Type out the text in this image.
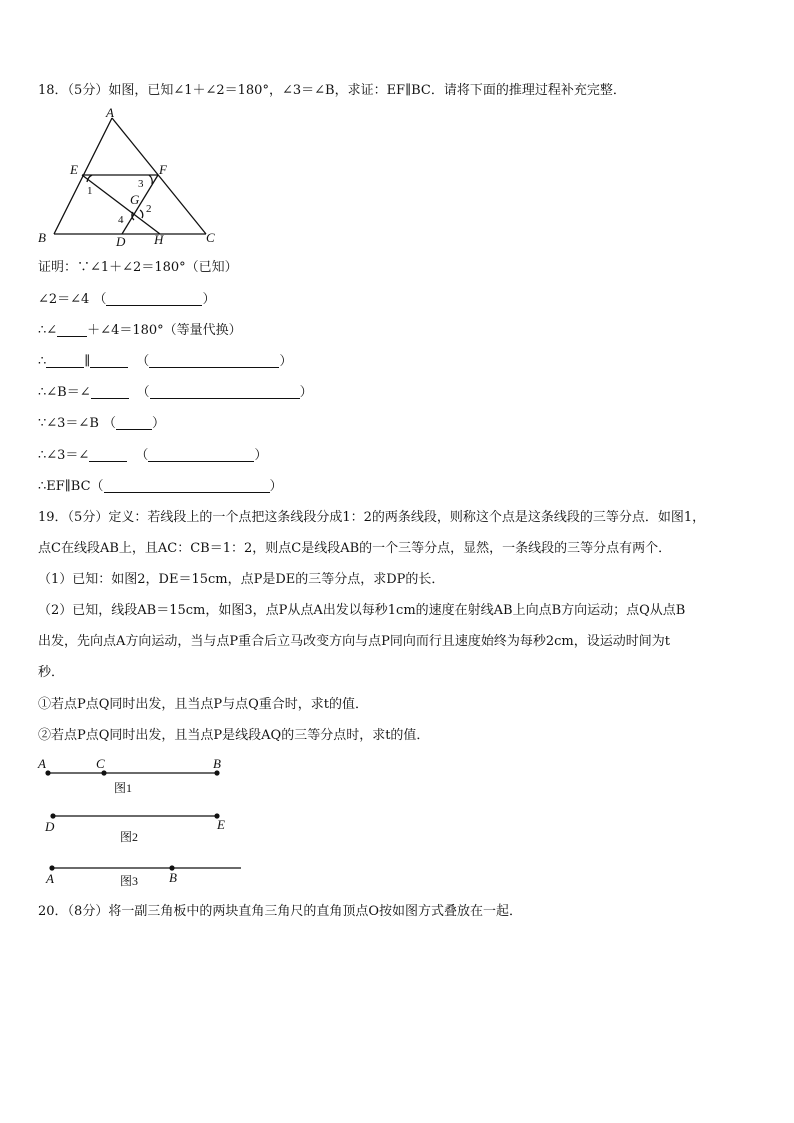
18．（5分）如图，已知∠1＋∠2＝180°，∠3＝∠B，求证：EF∥BC．请将下面的推理过程补充完整．
A
B	C
D
E	F
G
H
1
3
2
4
证明：∵∠1＋∠2＝180°（已知）
∠2＝∠4 （	）
∴∠ ＋∠4＝180°（等量代换）
∴	∥	（	）
∴∠B＝∠	（	）
∵∠3＝∠B （	）
∴∠3＝∠	（	）
∴EF∥BC（	）
19．（5分）定义：若线段上的一个点把这条线段分成1：2的两条线段，则称这个点是这条线段的三等分点．如图1，
点C在线段AB上，且AC：CB＝1：2，则点C是线段AB的一个三等分点，显然，一条线段的三等分点有两个．
（1）已知：如图2，DE＝15cm，点P是DE的三等分点，求DP的长．
（2）已知，线段AB＝15cm，如图3，点P从点A出发以每秒1cm的速度在射线AB上向点B方向运动；点Q从点B
出发，先向点A方向运动，当与点P重合后立马改变方向与点P同向而行且速度始终为每秒2cm，设运动时间为t
秒．
①若点P点Q同时出发，且当点P与点Q重合时，求t的值．
②若点P点Q同时出发，且当点P是线段AQ的三等分点时，求t的值．
A	C	B
图1
D	E
图2
A	B
图3
20．（8分）将一副三角板中的两块直角三角尺的直角顶点O按如图方式叠放在一起．
